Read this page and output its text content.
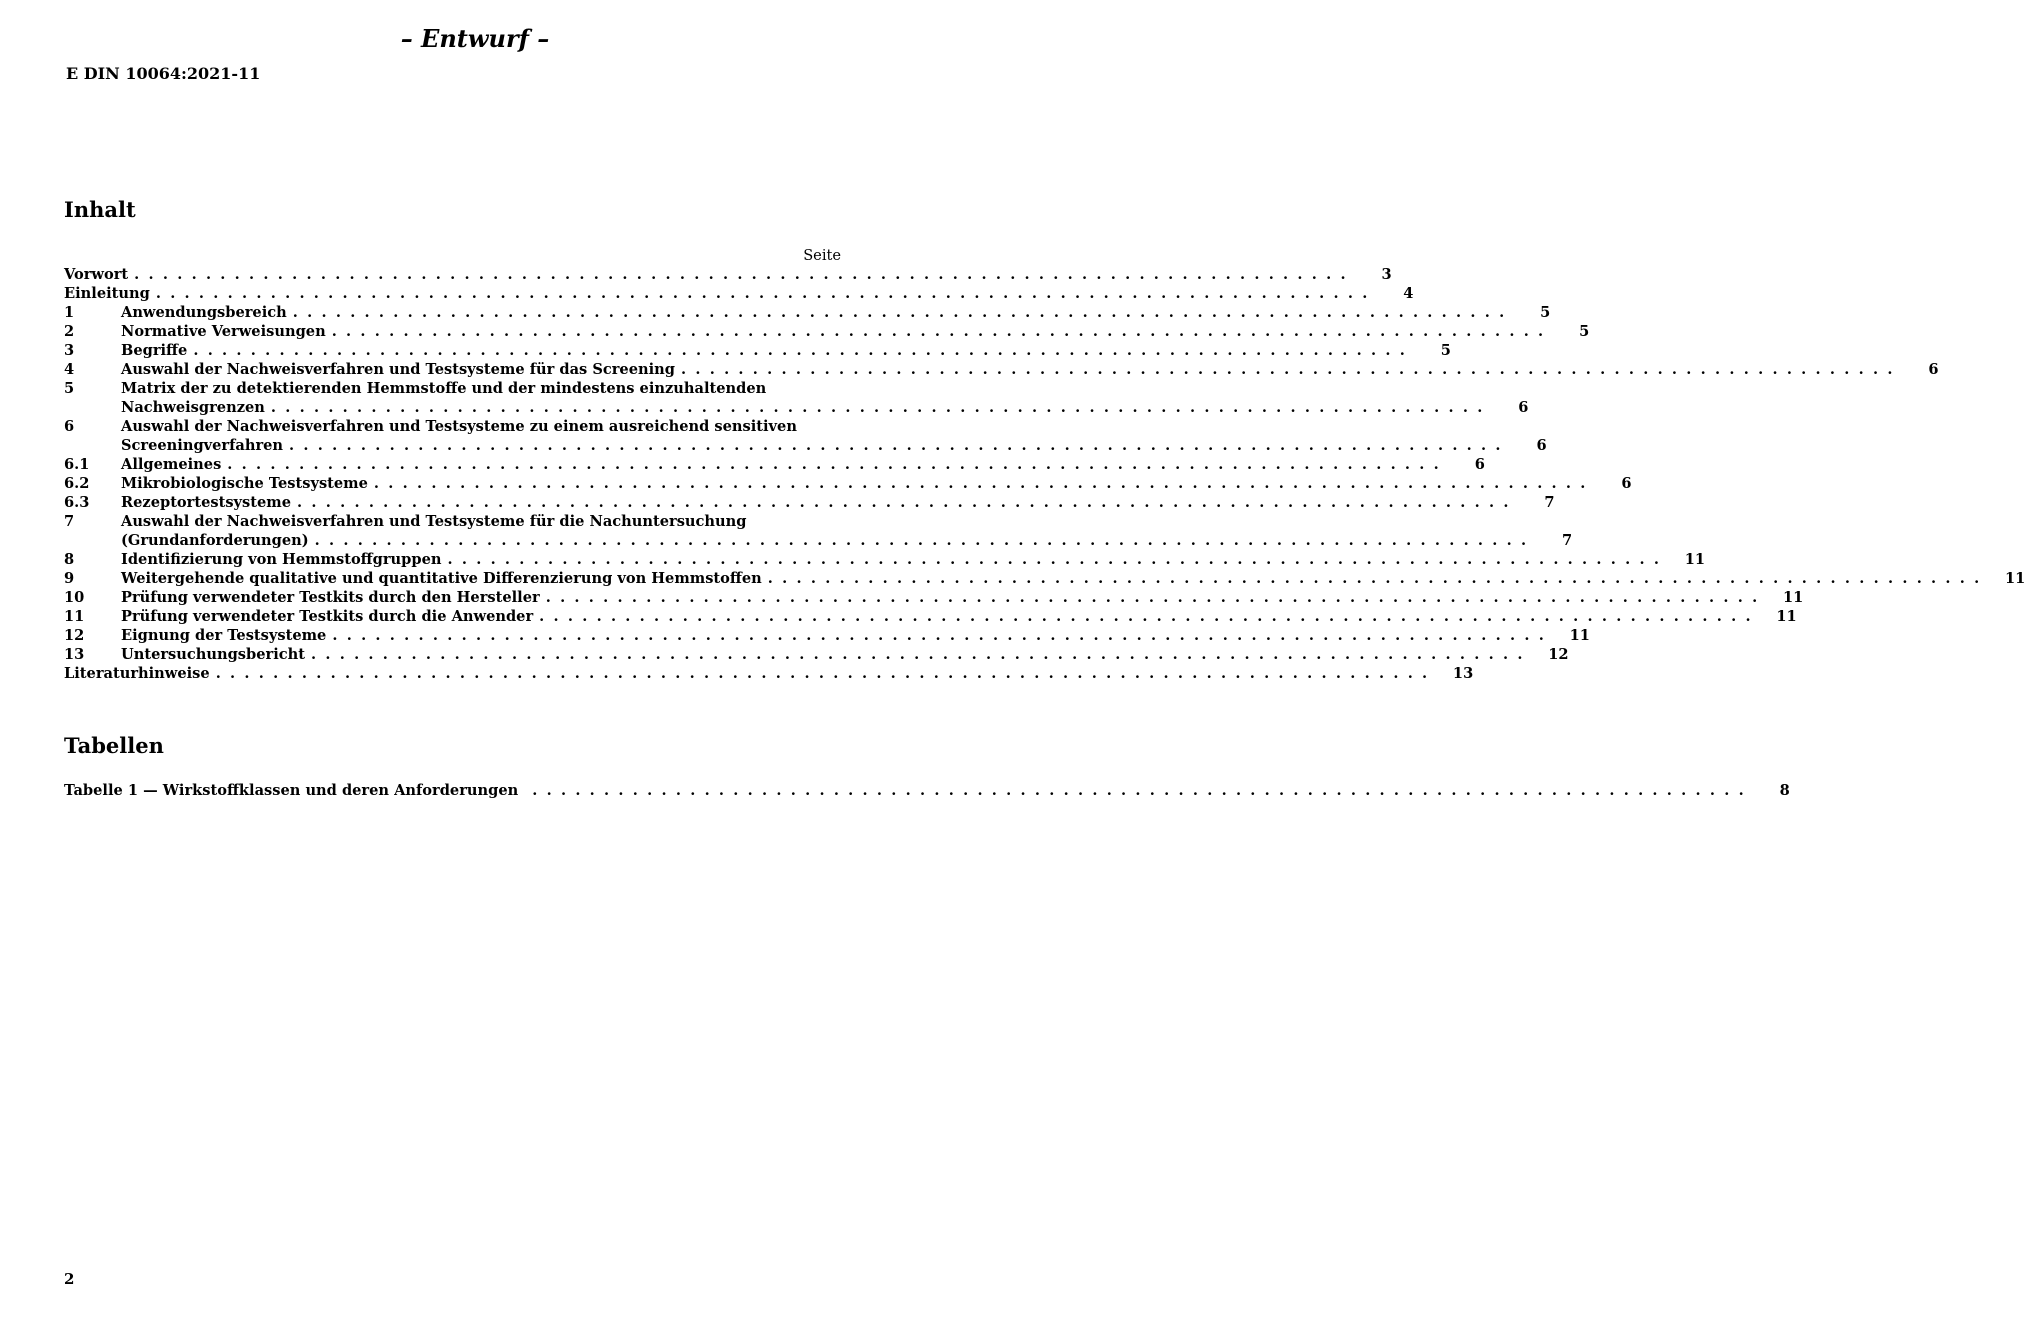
– Entwurf –
E DIN 10064:2021-11
Inhalt
Seite
Vorwort . . .	3
Einleitung . . .	4
1	Anwendungsbereich . . .	5
2	Normative Verweisungen . . .	5
3	Begriffe . . .	5
4	Auswahl der Nachweisverfahren und Testsysteme für das Screening . . .	6
5	Matrix der zu detektierenden Hemmstoffe und der mindestens einzuhaltenden
Nachweisgrenzen . . .	6
6	Auswahl der Nachweisverfahren und Testsysteme zu einem ausreichend sensitiven
Screeningverfahren . . .	6
6.1	Allgemeines . . .	6
6.2	Mikrobiologische Testsysteme . . .	6
6.3	Rezeptortestsysteme . . .	7
7	Auswahl der Nachweisverfahren und Testsysteme für die Nachuntersuchung
(Grundanforderungen) . . .	7
8	Identifizierung von Hemmstoffgruppen . . .	11
9	Weitergehende qualitative und quantitative Differenzierung von Hemmstoffen . . .	11
10	Prüfung verwendeter Testkits durch den Hersteller . . .	11
11	Prüfung verwendeter Testkits durch die Anwender . . .	11
12	Eignung der Testsysteme . . .	11
13	Untersuchungsbericht . . .	12
Literaturhinweise . . .	13
Tabellen
Tabelle 1 — Wirkstoffklassen und deren Anforderungen . . .	8
2
